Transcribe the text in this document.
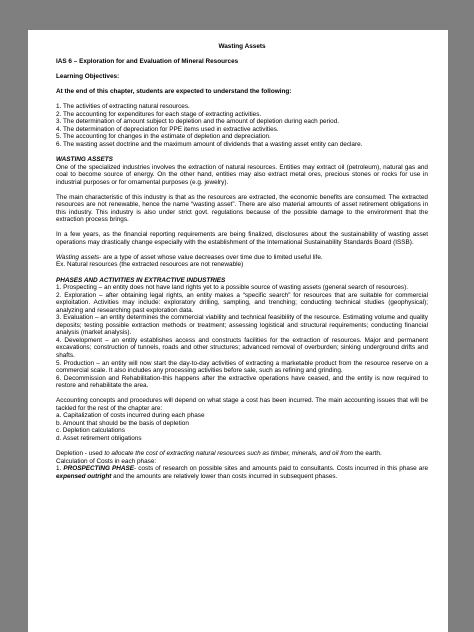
Wasting Assets

IAS 6 – Exploration for and Evaluation of Mineral Resources

Learning Objectives:

At the end of this chapter, students are expected to understand the following:

1. The activities of extracting natural resources.

2. The accounting for expenditures for each stage of extracting activities.

3. The determination of amount subject to depletion and the amount of depletion during each period.

4. The determination of depreciation for PPE items used in extractive activities.

5. The accounting for changes in the estimate of depletion and depreciation.

6. The wasting asset doctrine and the maximum amount of dividends that a wasting asset entity can declare.

WASTING ASSETS

One of the specialized industries involves the extraction of natural resources. Entities may extract oil (petroleum), natural gas and coal to become source of energy. On the other hand, entities may also extract metal ores, precious stones or rocks for use in industrial purposes or for ornamental purposes (e.g. jewelry).

The main characteristic of this industry is that as the resources are extracted, the economic benefits are consumed. The extracted resources are not renewable, hence the name “wasting asset”. There are also material amounts of asset retirement obligations in this industry. This industry is also under strict govt. regulations because of the possible damage to the environment that the extraction process brings.

In a few years, as the financial reporting requirements are being finalized, disclosures about the sustainability of wasting asset operations may drastically change especially with the establishment of the International Sustainability Standards Board (ISSB).

Wasting assets- are a type of asset whose value decreases over time due to limited useful life.

Ex. Natural resources (the extracted resources are not renewable)

PHASES AND ACTIVITIES IN EXTRACTIVE INDUSTRIES

1. Prospecting – an entity does not have land rights yet to a possible source of wasting assets (general search of resources).

2. Exploration – after obtaining legal rights, an entity makes a “specific search” for resources that are suitable for commercial exploitation. Activities may include: exploratory drilling, sampling, and trenching; conducting technical studies (geophysical); analyzing and researching past exploration data.

3. Evaluation – an entity determines the commercial viability and technical feasibility of the resource. Estimating volume and quality deposits; testing possible extraction methods or treatment; assessing logistical and structural requirements; conducting financial analysis (market analysis).

4. Development – an entity establishes access and constructs facilities for the extraction of resources. Major and permanent excavations; construction of tunnels, roads and other structures; advanced removal of overburden; sinking underground drifts and shafts.

5. Production – an entity will now start the day-to-day activities of extracting a marketable product from the resource reserve on a commercial scale. It also includes any processing activities before sale, such as refining and grinding.

6. Decommission and Rehabilitation-this happens after the extractive operations have ceased, and the entity is now required to restore and rehabilitate the area.

Accounting concepts and procedures will depend on what stage a cost has been incurred. The main accounting issues that will be tackled for the rest of the chapter are:

a. Capitalization of costs incurred during each phase

b. Amount that should be the basis of depletion

c. Depletion calculations

d. Asset retirement obligations

Depletion - used to allocate the cost of extracting natural resources such as timber, minerals, and oil from the earth.

Calculation of Costs in each phase:

1. PROSPECTING PHASE- costs of research on possible sites and amounts paid to consultants. Costs incurred in this phase are expensed outright and the amounts are relatively lower than costs incurred in subsequent phases.
